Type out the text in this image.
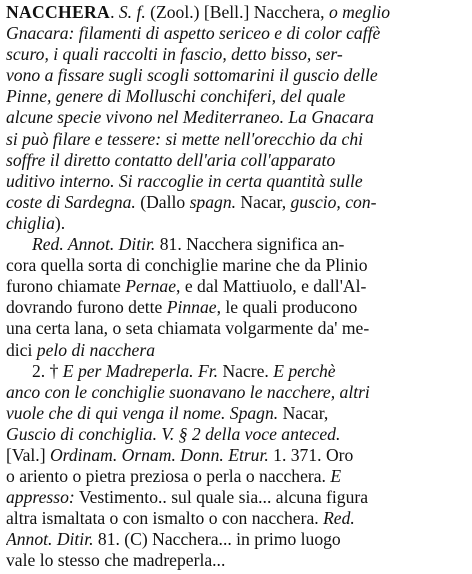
NACCHERA. S. f. (Zool.) [Bell.] Nacchera, o meglio
Gnacara: filamenti di aspetto sericeo e di color caffè
scuro, i quali raccolti in fascio, detto bisso, ser-
vono a fissare sugli scogli sottomarini il guscio delle
Pinne, genere di Molluschi conchiferi, del quale
alcune specie vivono nel Mediterraneo. La Gnacara
si può filare e tessere: si mette nell'orecchio da chi
soffre il diretto contatto dell'aria coll'apparato
uditivo interno. Si raccoglie in certa quantità sulle
coste di Sardegna. (Dallo spagn. Nacar, guscio, con-
chiglia).
Red. Annot. Ditir. 81. Nacchera significa an-
cora quella sorta di conchiglie marine che da Plinio
furono chiamate Pernae, e dal Mattiuolo, e dall'Al-
dovrando furono dette Pinnae, le quali producono
una certa lana, o seta chiamata volgarmente da' me-
dici pelo di nacchera
2. † E per Madreperla. Fr. Nacre. E perchè
anco con le conchiglie suonavano le nacchere, altri
vuole che di qui venga il nome. Spagn. Nacar,
Guscio di conchiglia. V. § 2 della voce anteced.
[Val.] Ordinam. Ornam. Donn. Etrur. 1. 371. Oro
o ariento o pietra preziosa o perla o nacchera. E
appresso: Vestimento.. sul quale sia... alcuna figura
altra ismaltata o con ismalto o con nacchera. Red.
Annot. Ditir. 81. (C) Nacchera... in primo luogo
vale lo stesso che madreperla...
